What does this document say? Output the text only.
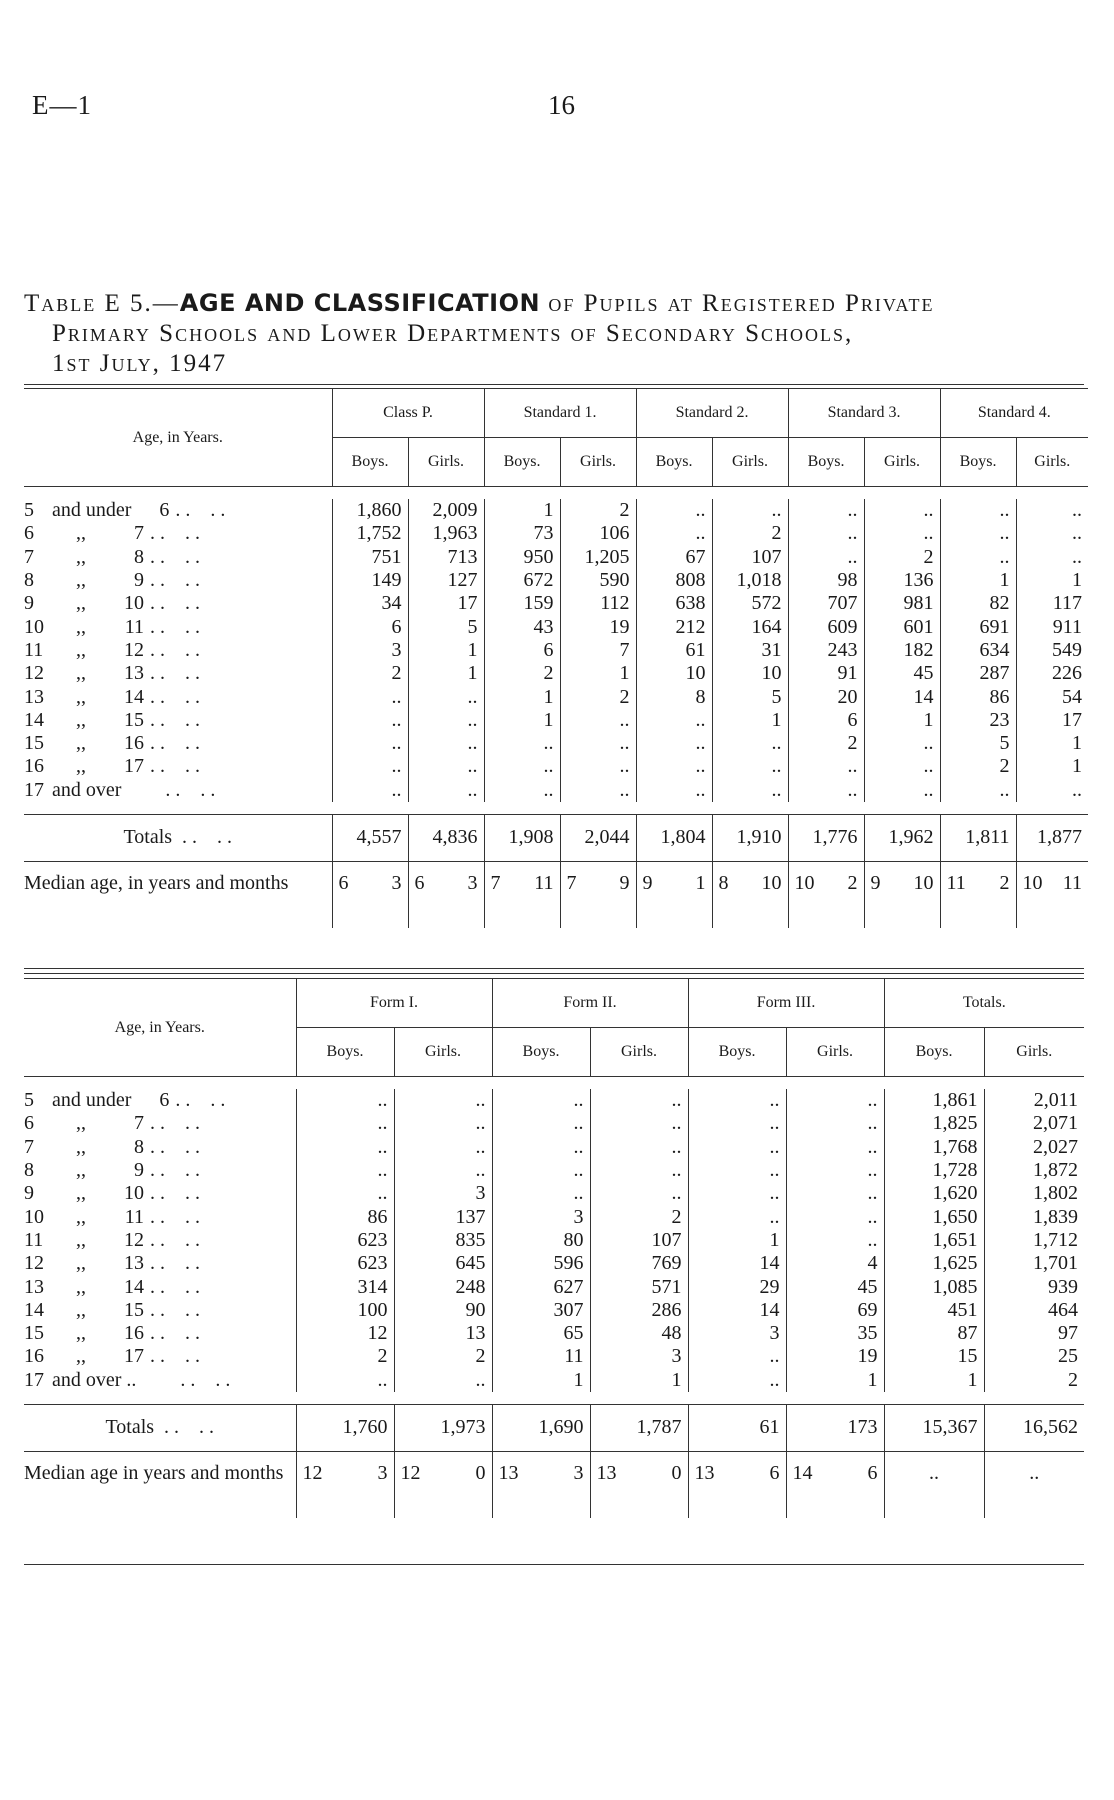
E—1	16
Table E 5.—AGE AND CLASSIFICATION of Pupils at Registered Private
Primary Schools and Lower Departments of Secondary Schools,
1st July, 1947
Age, in Years.	Class P.		Standard 1.		Standard 2.		Standard 3.		Standard 4.	
	Boys.	Girls.	Boys.	Girls.	Boys.	Girls.	Boys.	Girls.	Boys.	Girls.

5 and under 6 . .    . .	1,860	2,009	1	2	..	..	..	..	..	..
6 ,, 7 . .    . .	1,752	1,963	73	106	..	2	..	..	..	..
7 ,, 8 . .    . .	751	713	950	1,205	67	107	..	2	..	..
8 ,, 9 . .    . .	149	127	672	590	808	1,018	98	136	1	1
9 ,, 10 . .    . .	34	17	159	112	638	572	707	981	82	117
10 ,, 11 . .    . .	6	5	43	19	212	164	609	601	691	911
11 ,, 12 . .    . .	3	1	6	7	61	31	243	182	634	549
12 ,, 13 . .    . .	2	1	2	1	10	10	91	45	287	226
13 ,, 14 . .    . .	..	..	1	2	8	5	20	14	86	54
14 ,, 15 . .    . .	..	..	1	..	..	1	6	1	23	17
15 ,, 16 . .    . .	..	..	..	..	..	..	2	..	5	1
16 ,, 17 . .    . .	..	..	..	..	..	..	..	..	2	1
17 and over . .    . .	..	..	..	..	..	..	..	..	..	..

Totals  . .    . .	4,557	4,836	1,908	2,044	1,804	1,910	1,776	1,962	1,811	1,877
Median age, in years and months	6 3	6 3	7 11	7 9	9 1	8 10	10 2	9 10	11 2	10 11
Age, in Years.	Form I.		Form II.		Form III.		Totals.	
	Boys.	Girls.	Boys.	Girls.	Boys.	Girls.	Boys.	Girls.

5 and under 6 . .    . .	..	..	..	..	..	..	1,861	2,011
6 ,, 7 . .    . .	..	..	..	..	..	..	1,825	2,071
7 ,, 8 . .    . .	..	..	..	..	..	..	1,768	2,027
8 ,, 9 . .    . .	..	..	..	..	..	..	1,728	1,872
9 ,, 10 . .    . .	..	3	..	..	..	..	1,620	1,802
10 ,, 11 . .    . .	86	137	3	2	..	..	1,650	1,839
11 ,, 12 . .    . .	623	835	80	107	1	..	1,651	1,712
12 ,, 13 . .    . .	623	645	596	769	14	4	1,625	1,701
13 ,, 14 . .    . .	314	248	627	571	29	45	1,085	939
14 ,, 15 . .    . .	100	90	307	286	14	69	451	464
15 ,, 16 . .    . .	12	13	65	48	3	35	87	97
16 ,, 17 . .    . .	2	2	11	3	..	19	15	25
17 and over .. . .    . .	..	..	1	1	..	1	1	2

Totals  . .    . .	1,760	1,973	1,690	1,787	61	173	15,367	16,562
Median age in years and months	12 3	12 0	13 3	13 0	13 6	14 6	..	..
